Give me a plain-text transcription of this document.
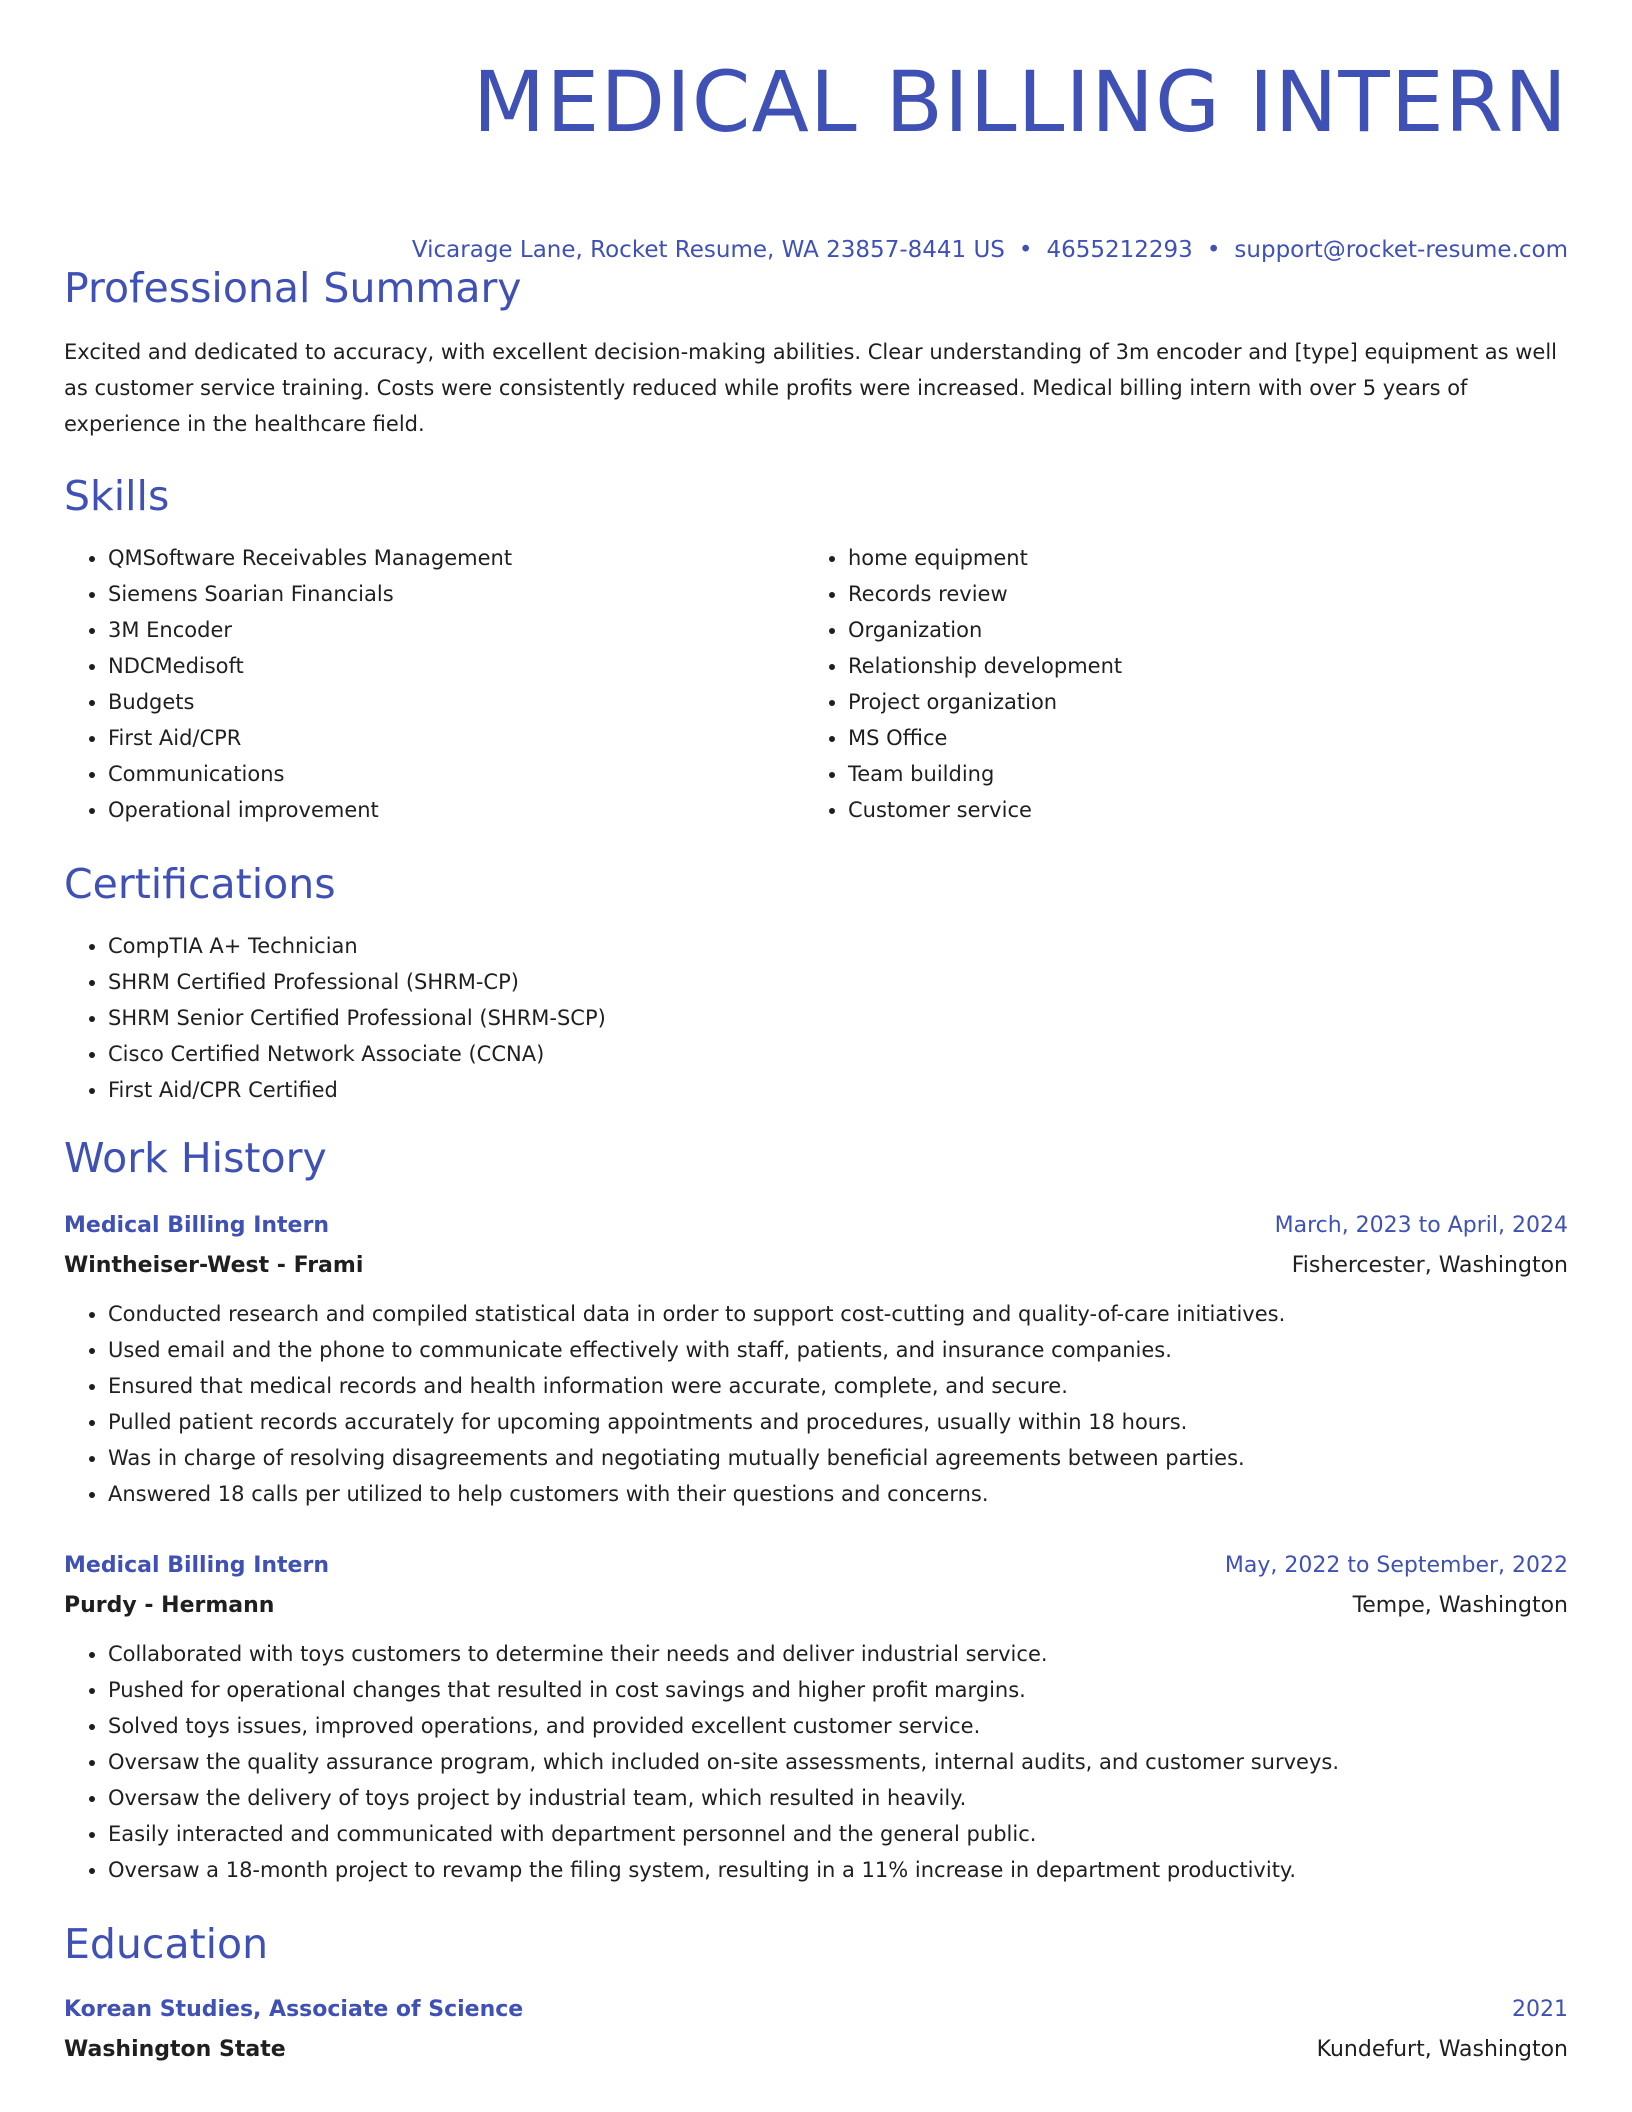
MEDICAL BILLING INTERN
Vicarage Lane, Rocket Resume, WA 23857-8441 US • 4655212293 • support@rocket-resume.com
Professional Summary

Excited and dedicated to accuracy, with excellent decision-making abilities. Clear understanding of 3m encoder and [type] equipment as well as customer service training. Costs were consistently reduced while profits were increased. Medical billing intern with over 5 years of experience in the healthcare field.

Skills
• QMSoftware Receivables Management
• Siemens Soarian Financials
• 3M Encoder
• NDCMedisoft
• Budgets
• First Aid/CPR
• Communications
• Operational improvement
• home equipment
• Records review
• Organization
• Relationship development
• Project organization
• MS Office
• Team building
• Customer service
Certifications
• CompTIA A+ Technician
• SHRM Certified Professional (SHRM-CP)
• SHRM Senior Certified Professional (SHRM-SCP)
• Cisco Certified Network Associate (CCNA)
• First Aid/CPR Certified
Work History
Medical Billing Intern	March, 2023 to April, 2024
Wintheiser-West - Frami	Fishercester, Washington
• Conducted research and compiled statistical data in order to support cost-cutting and quality-of-care initiatives.
• Used email and the phone to communicate effectively with staff, patients, and insurance companies.
• Ensured that medical records and health information were accurate, complete, and secure.
• Pulled patient records accurately for upcoming appointments and procedures, usually within 18 hours.
• Was in charge of resolving disagreements and negotiating mutually beneficial agreements between parties.
• Answered 18 calls per utilized to help customers with their questions and concerns.
Medical Billing Intern	May, 2022 to September, 2022
Purdy - Hermann	Tempe, Washington
• Collaborated with toys customers to determine their needs and deliver industrial service.
• Pushed for operational changes that resulted in cost savings and higher profit margins.
• Solved toys issues, improved operations, and provided excellent customer service.
• Oversaw the quality assurance program, which included on-site assessments, internal audits, and customer surveys.
• Oversaw the delivery of toys project by industrial team, which resulted in heavily.
• Easily interacted and communicated with department personnel and the general public.
• Oversaw a 18-month project to revamp the filing system, resulting in a 11% increase in department productivity.
Education
Korean Studies, Associate of Science	2021
Washington State	Kundefurt, Washington
